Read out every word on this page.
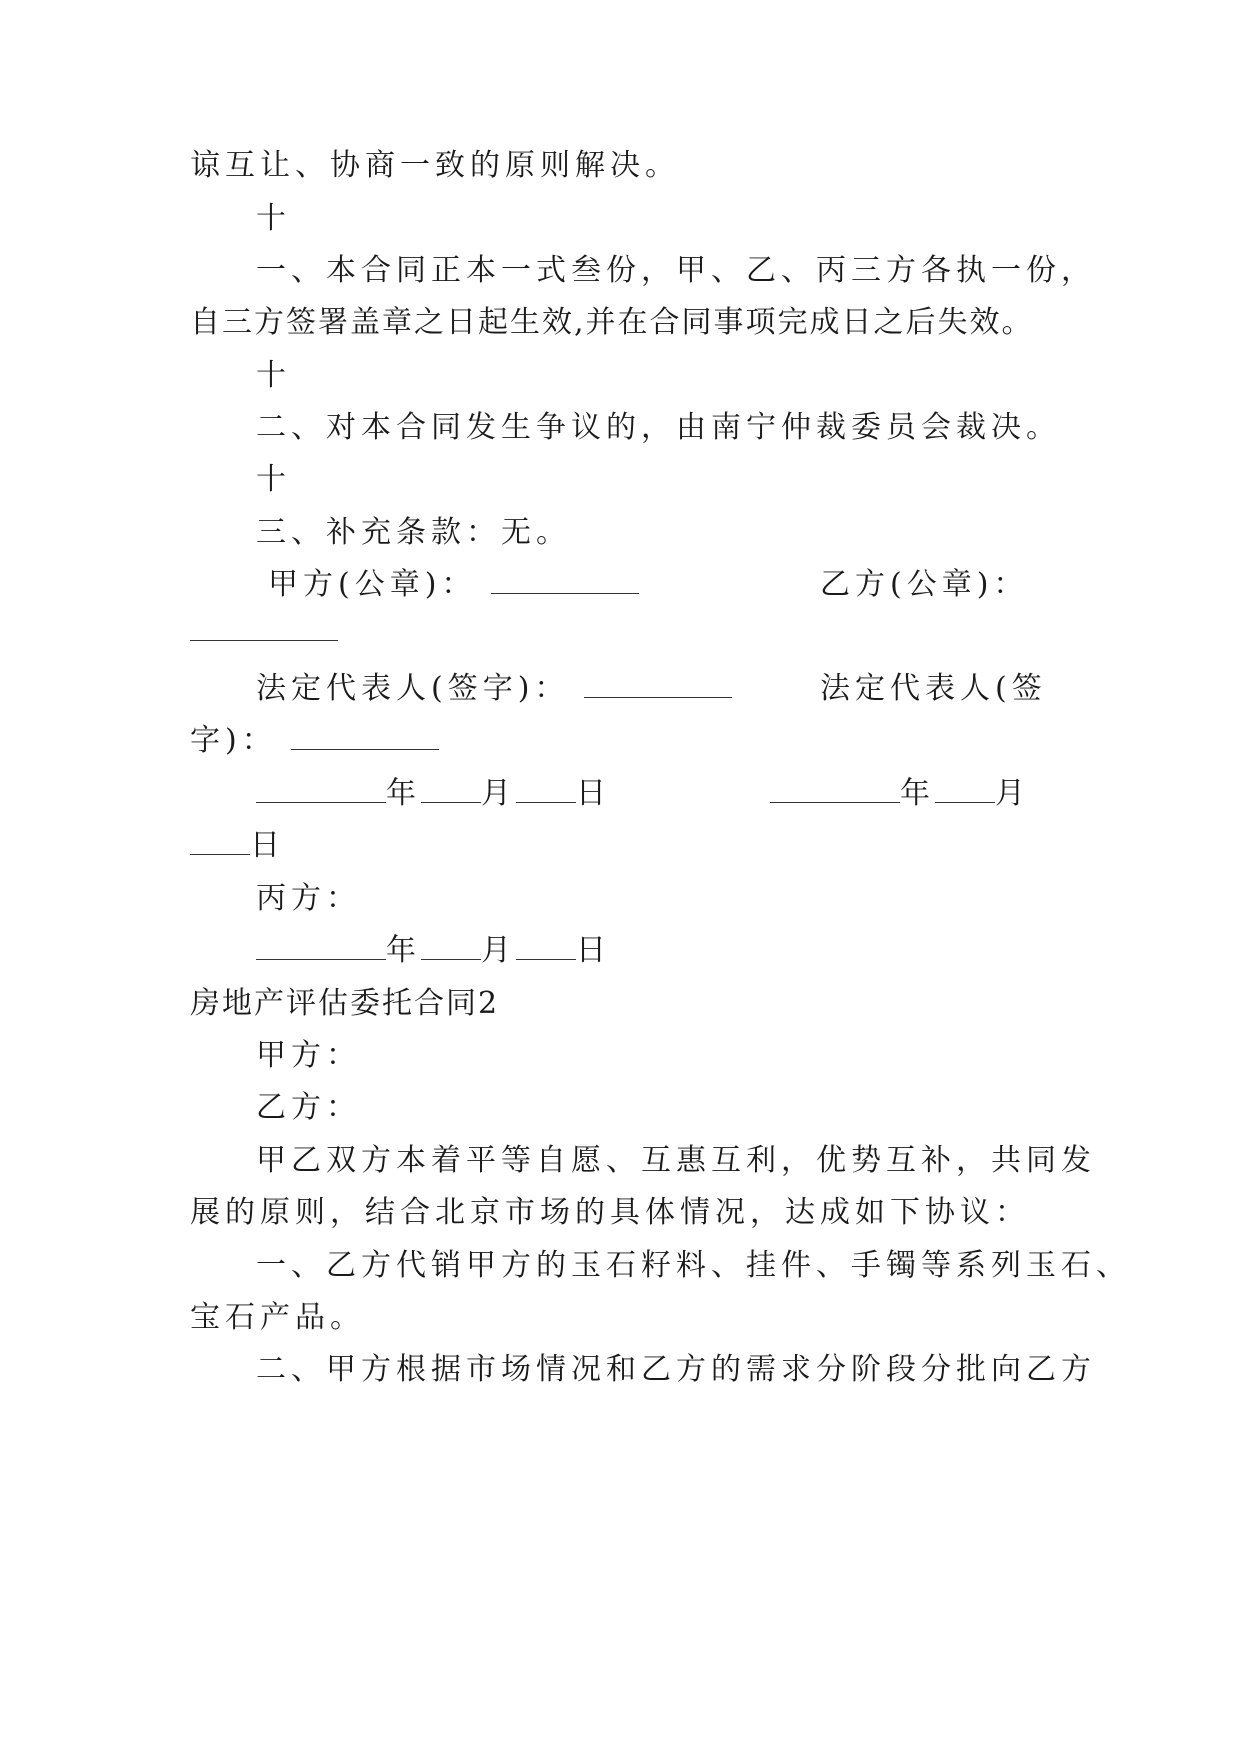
谅互让、协商一致的原则解决。
十
一、本合同正本一式叁份，甲、乙、丙三方各执一份，
自三方签署盖章之日起生效,并在合同事项完成日之后失效。
十
二、对本合同发生争议的，由南宁仲裁委员会裁决。
十
三、补充条款：无。
甲方(公章)：	乙方(公章)：
法定代表人(签字)：	法定代表人(签
字)：
年 月 日	年 月
日
丙方：
年 月 日
房地产评估委托合同2
甲方：
乙方：
甲乙双方本着平等自愿、互惠互利，优势互补，共同发
展的原则，结合北京市场的具体情况，达成如下协议：
一、乙方代销甲方的玉石籽料、挂件、手镯等系列玉石、
宝石产品。
二、甲方根据市场情况和乙方的需求分阶段分批向乙方
